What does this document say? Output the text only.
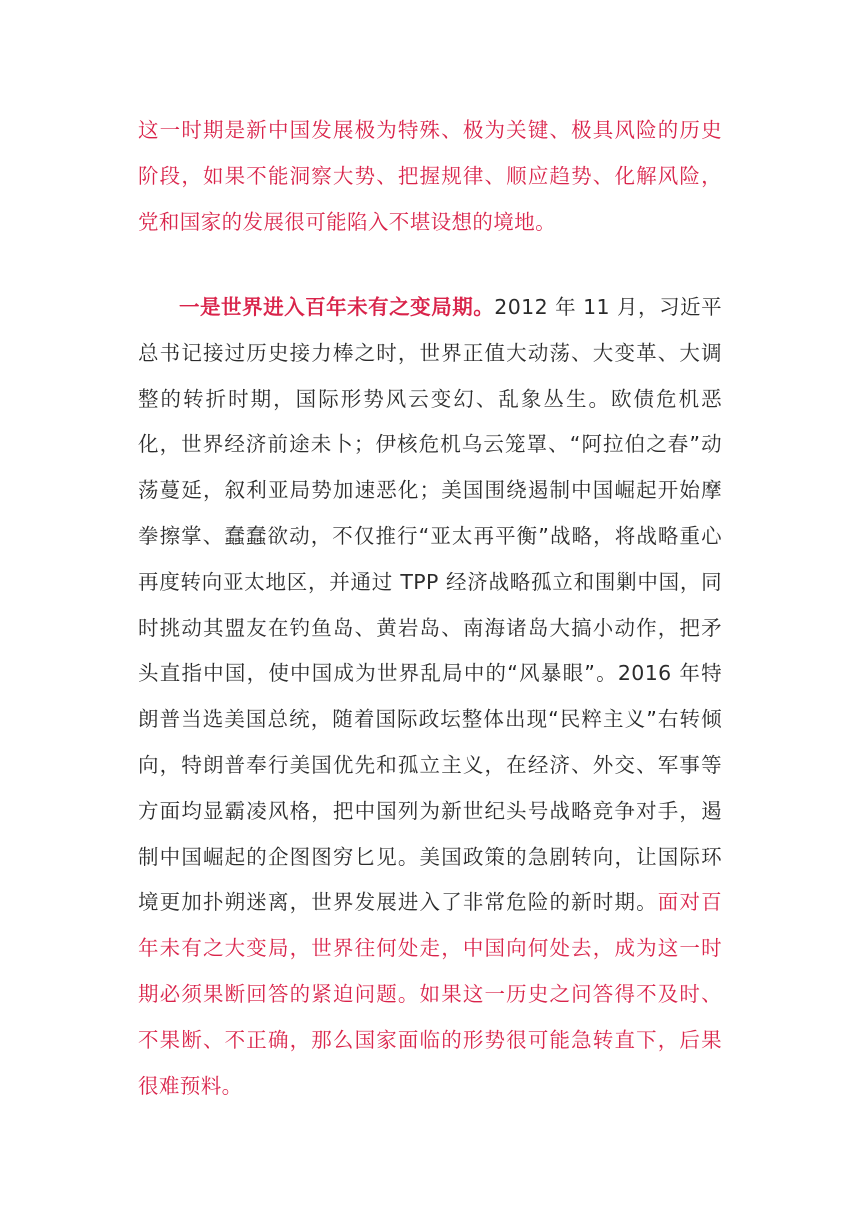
这一时期是新中国发展极为特殊、极为关键、极具风险的历史阶段，如果不能洞察大势、把握规律、顺应趋势、化解风险，党和国家的发展很可能陷入不堪设想的境地。

一是世界进入百年未有之变局期。2012 年 11 月，习近平总书记接过历史接力棒之时，世界正值大动荡、大变革、大调整的转折时期，国际形势风云变幻、乱象丛生。欧债危机恶化，世界经济前途未卜；伊核危机乌云笼罩、“阿拉伯之春”动荡蔓延，叙利亚局势加速恶化；美国围绕遏制中国崛起开始摩拳擦掌、蠢蠢欲动，不仅推行“亚太再平衡”战略，将战略重心再度转向亚太地区，并通过 TPP 经济战略孤立和围剿中国，同时挑动其盟友在钓鱼岛、黄岩岛、南海诸岛大搞小动作，把矛头直指中国，使中国成为世界乱局中的“风暴眼”。2016 年特朗普当选美国总统，随着国际政坛整体出现“民粹主义”右转倾向，特朗普奉行美国优先和孤立主义，在经济、外交、军事等方面均显霸凌风格，把中国列为新世纪头号战略竞争对手，遏制中国崛起的企图图穷匕见。美国政策的急剧转向，让国际环境更加扑朔迷离，世界发展进入了非常危险的新时期。面对百年未有之大变局，世界往何处走，中国向何处去，成为这一时期必须果断回答的紧迫问题。如果这一历史之问答得不及时、不果断、不正确，那么国家面临的形势很可能急转直下，后果很难预料。
